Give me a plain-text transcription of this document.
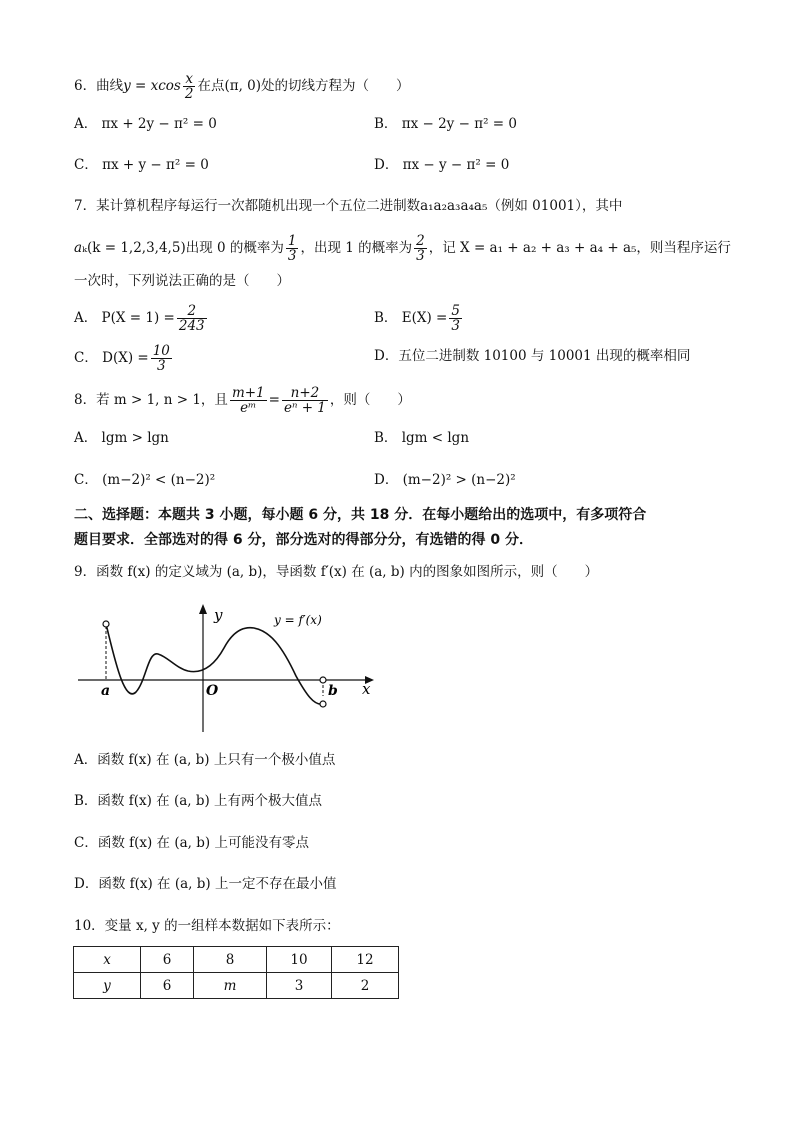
6．曲线y = xcos $\frac{x}{2}$ 在点(π, 0)处的切线方程为（　　）
A． πx + 2y − π² = 0	B． πx − 2y − π² = 0
C． πx + y − π² = 0	D． πx − y − π² = 0
7．某计算机程序每运行一次都随机出现一个五位二进制数a₁a₂a₃a₄a₅（例如 01001），其中
aₖ(k = 1,2,3,4,5)出现 0 的概率为 $\frac{1}{3}$ ，出现 1 的概率为 $\frac{2}{3}$ ，记 X = a₁ + a₂ + a₃ + a₄ + a₅，则当程序运行
一次时，下列说法正确的是（　　）
A． $P(X = 1) = \frac{2}{243}$	B． $E(X) = \frac{5}{3}$
C． $D(X) = \frac{10}{3}$	D．五位二进制数 10100 与 10001 出现的概率相同
8．若 m > 1, n > 1，且 $\frac{m+1}{\text{eᵐ}} = \frac{n+2}{\text{eⁿ + 1}}$ ，则（　　）
A． lgm > lgn	B． lgm < lgn
C． (m−2)² < (n−2)²	D． (m−2)² > (n−2)²
二、选择题：本题共 3 小题，每小题 6 分，共 18 分．在每小题给出的选项中，有多项符合
题目要求．全部选对的得 6 分，部分选对的得部分分，有选错的得 0 分．
9．函数 f(x) 的定义域为 (a, b)，导函数 f′(x) 在 (a, b) 内的图象如图所示，则（　　）
y
x
y = f′(x)
a	O	b
A．函数 f(x) 在 (a, b) 上只有一个极小值点
B．函数 f(x) 在 (a, b) 上有两个极大值点
C．函数 f(x) 在 (a, b) 上可能没有零点
D．函数 f(x) 在 (a, b) 上一定不存在最小值
10．变量 x, y 的一组样本数据如下表所示：
x	6	8	10	12
y	6	m	3	2
